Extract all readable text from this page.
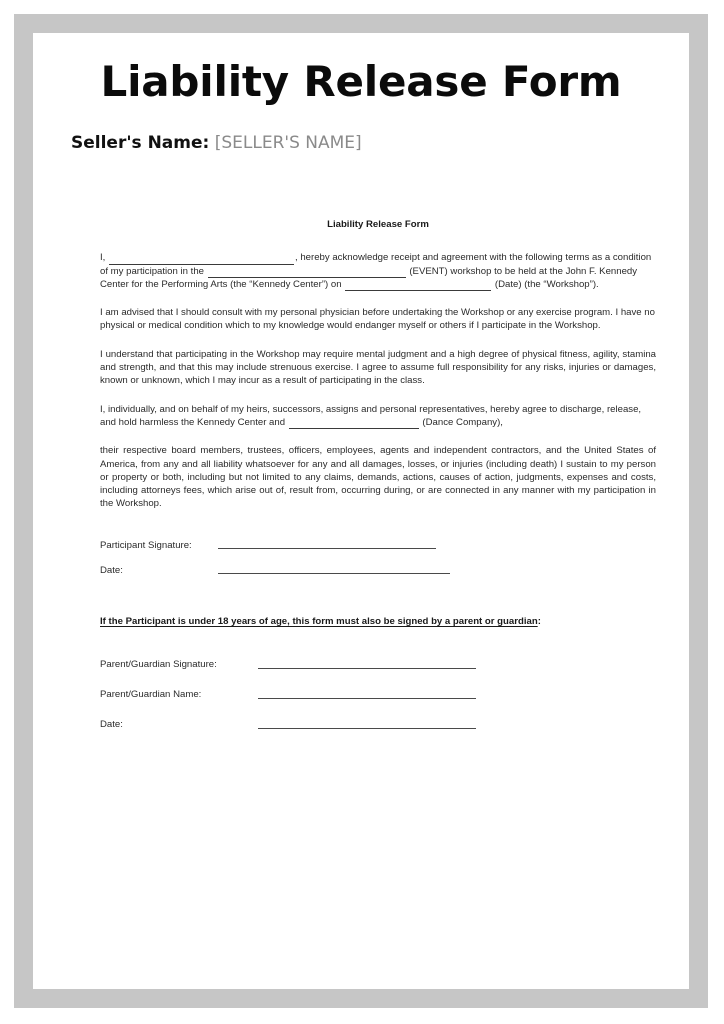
Liability Release Form
Seller's Name: [SELLER'S NAME]
Liability Release Form

I,	, hereby acknowledge receipt and agreement with the following terms as a condition of my participation in the	(EVENT) workshop to be held at the John F. Kennedy Center for the Performing Arts (the “Kennedy Center”) on	(Date) (the “Workshop”).

I am advised that I should consult with my personal physician before undertaking the Workshop or any exercise program. I have no physical or medical condition which to my knowledge would endanger myself or others if I participate in the Workshop.

I understand that participating in the Workshop may require mental judgment and a high degree of physical fitness, agility, stamina and strength, and that this may include strenuous exercise. I agree to assume full responsibility for any risks, injuries or damages, known or unknown, which I may incur as a result of participating in the class.

I, individually, and on behalf of my heirs, successors, assigns and personal representatives, hereby agree to discharge, release, and hold harmless the Kennedy Center and	(Dance Company),

their respective board members, trustees, officers, employees, agents and independent contractors, and the United States of America, from any and all liability whatsoever for any and all damages, losses, or injuries (including death) I sustain to my person or property or both, including but not limited to any claims, demands, actions, causes of action, judgments, expenses and costs, including attorneys fees, which arise out of, result from, occurring during, or are connected in any manner with my participation in the Workshop.

Participant Signature:
Date:
If the Participant is under 18 years of age, this form must also be signed by a parent or guardian:
Parent/Guardian Signature:
Parent/Guardian Name:
Date:
